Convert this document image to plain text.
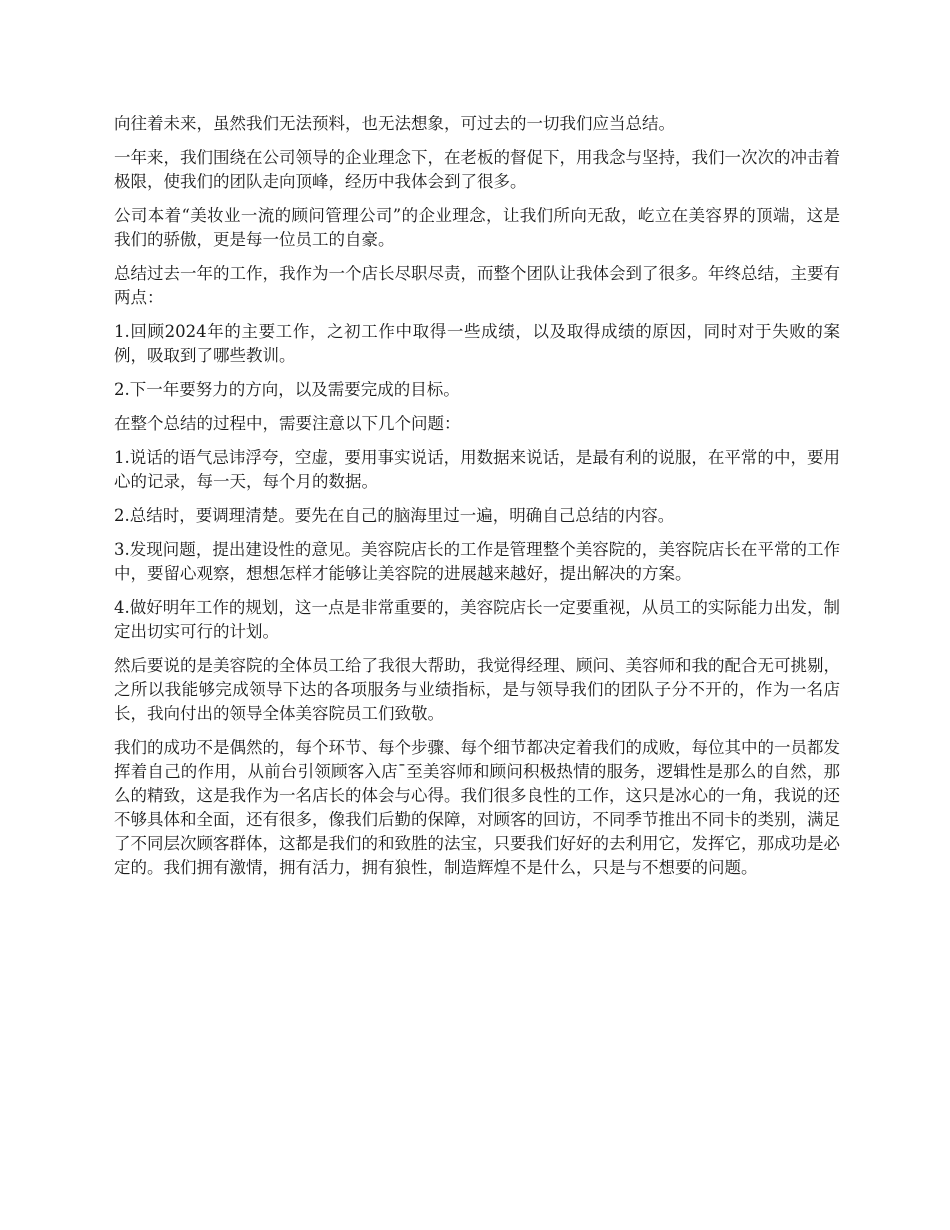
向往着未来，虽然我们无法预料，也无法想象，可过去的一切我们应当总结。

一年来，我们围绕在公司领导的企业理念下，在老板的督促下，用我念与坚持，我们一次次的冲击着极限，使我们的团队走向顶峰，经历中我体会到了很多。

公司本着“美妆业一流的顾问管理公司”的企业理念，让我们所向无敌，屹立在美容界的顶端，这是我们的骄傲，更是每一位员工的自豪。

总结过去一年的工作，我作为一个店长尽职尽责，而整个团队让我体会到了很多。年终总结，主要有两点：

1.回顾2024年的主要工作，之初工作中取得一些成绩，以及取得成绩的原因，同时对于失败的案例，吸取到了哪些教训。

2.下一年要努力的方向，以及需要完成的目标。

在整个总结的过程中，需要注意以下几个问题：

1.说话的语气忌讳浮夸，空虚，要用事实说话，用数据来说话，是最有利的说服，在平常的中，要用心的记录，每一天，每个月的数据。

2.总结时，要调理清楚。要先在自己的脑海里过一遍，明确自己总结的内容。

3.发现问题，提出建设性的意见。美容院店长的工作是管理整个美容院的，美容院店长在平常的工作中，要留心观察，想想怎样才能够让美容院的进展越来越好，提出解决的方案。

4.做好明年工作的规划，这一点是非常重要的，美容院店长一定要重视，从员工的实际能力出发，制定出切实可行的计划。

然后要说的是美容院的全体员工给了我很大帮助，我觉得经理、顾问、美容师和我的配合无可挑剔，之所以我能够完成领导下达的各项服务与业绩指标，是与领导我们的团队子分不开的，作为一名店长，我向付出的领导全体美容院员工们致敬。

我们的成功不是偶然的，每个环节、每个步骤、每个细节都决定着我们的成败，每位其中的一员都发挥着自己的作用，从前台引领顾客入店¯至美容师和顾问积极热情的服务，逻辑性是那么的自然，那么的精致，这是我作为一名店长的体会与心得。我们很多良性的工作，这只是冰心的一角，我说的还不够具体和全面，还有很多，像我们后勤的保障，对顾客的回访，不同季节推出不同卡的类别，满足了不同层次顾客群体，这都是我们的和致胜的法宝，只要我们好好的去利用它，发挥它，那成功是必定的。我们拥有激情，拥有活力，拥有狼性，制造辉煌不是什么，只是与不想要的问题。
